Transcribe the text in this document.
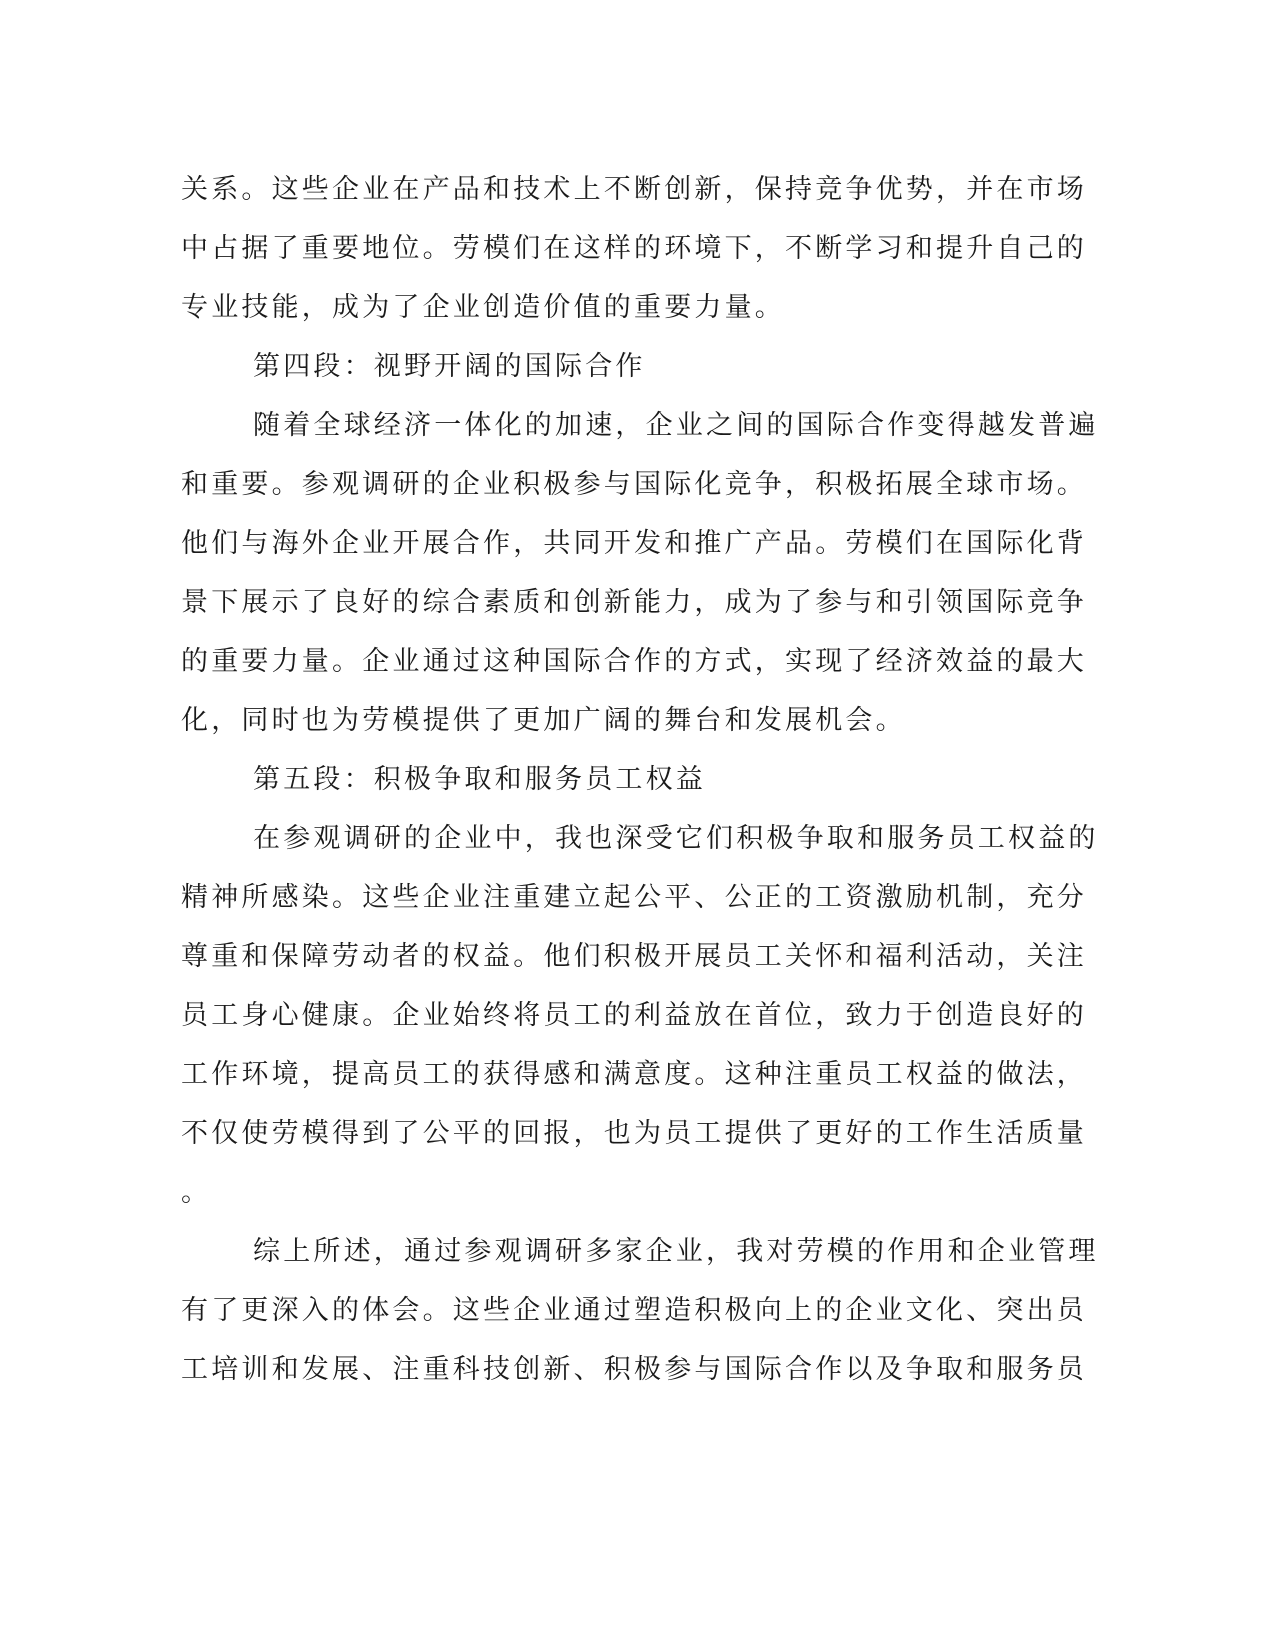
关系。这些企业在产品和技术上不断创新，保持竞争优势，并在市场
中占据了重要地位。劳模们在这样的环境下，不断学习和提升自己的
专业技能，成为了企业创造价值的重要力量。
第四段：视野开阔的国际合作
随着全球经济一体化的加速，企业之间的国际合作变得越发普遍
和重要。参观调研的企业积极参与国际化竞争，积极拓展全球市场。
他们与海外企业开展合作，共同开发和推广产品。劳模们在国际化背
景下展示了良好的综合素质和创新能力，成为了参与和引领国际竞争
的重要力量。企业通过这种国际合作的方式，实现了经济效益的最大
化，同时也为劳模提供了更加广阔的舞台和发展机会。
第五段：积极争取和服务员工权益
在参观调研的企业中，我也深受它们积极争取和服务员工权益的
精神所感染。这些企业注重建立起公平、公正的工资激励机制，充分
尊重和保障劳动者的权益。他们积极开展员工关怀和福利活动，关注
员工身心健康。企业始终将员工的利益放在首位，致力于创造良好的
工作环境，提高员工的获得感和满意度。这种注重员工权益的做法，
不仅使劳模得到了公平的回报，也为员工提供了更好的工作生活质量
。
综上所述，通过参观调研多家企业，我对劳模的作用和企业管理
有了更深入的体会。这些企业通过塑造积极向上的企业文化、突出员
工培训和发展、注重科技创新、积极参与国际合作以及争取和服务员
